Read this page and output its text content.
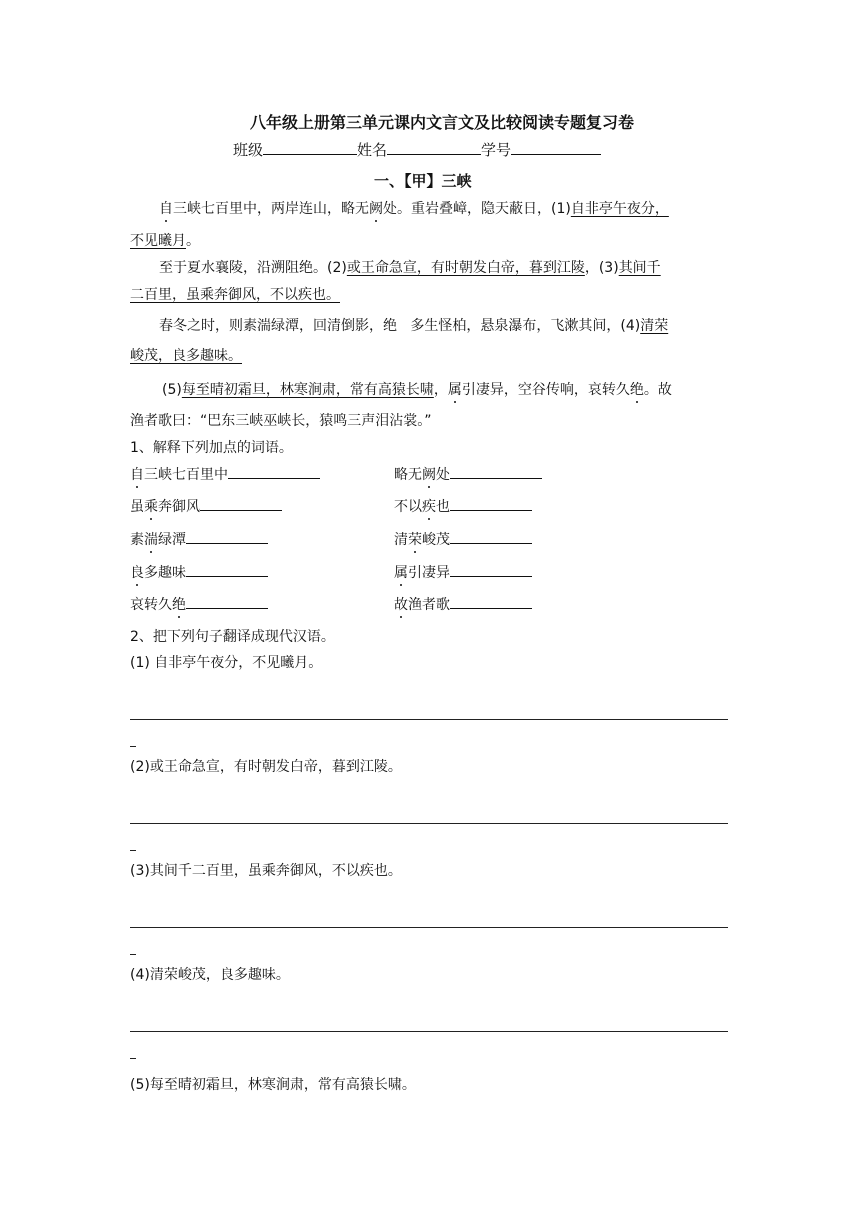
八年级上册第三单元课内文言文及比较阅读专题复习卷
班级	姓名	学号
一、【甲】三峡
自三峡七百里中，两岸连山，略无阙处。重岩叠嶂，隐天蔽日，(1)自非亭午夜分，
不见曦月。
至于夏水襄陵，沿溯阻绝。(2)或王命急宣，有时朝发白帝，暮到江陵，(3)其间千
二百里，虽乘奔御风，不以疾也。
春冬之时，则素湍绿潭，回清倒影，绝 多生怪柏，悬泉瀑布，飞漱其间，(4)清荣
峻茂，良多趣味。
(5)每至晴初霜旦，林寒涧肃，常有高猿长啸，属引凄异，空谷传响，哀转久绝。故
渔者歌曰：“巴东三峡巫峡长，猿鸣三声泪沾裳。”
1、解释下列加点的词语。
自三峡七百里中	略无阙处
虽乘奔御风	不以疾也
素湍绿潭	清荣峻茂
良多趣味	属引凄异
哀转久绝	故渔者歌
2、把下列句子翻译成现代汉语。
(1) 自非亭午夜分，不见曦月。
(2)或王命急宣，有时朝发白帝，暮到江陵。
(3)其间千二百里，虽乘奔御风，不以疾也。
(4)清荣峻茂，良多趣味。
(5)每至晴初霜旦，林寒涧肃，常有高猿长啸。
